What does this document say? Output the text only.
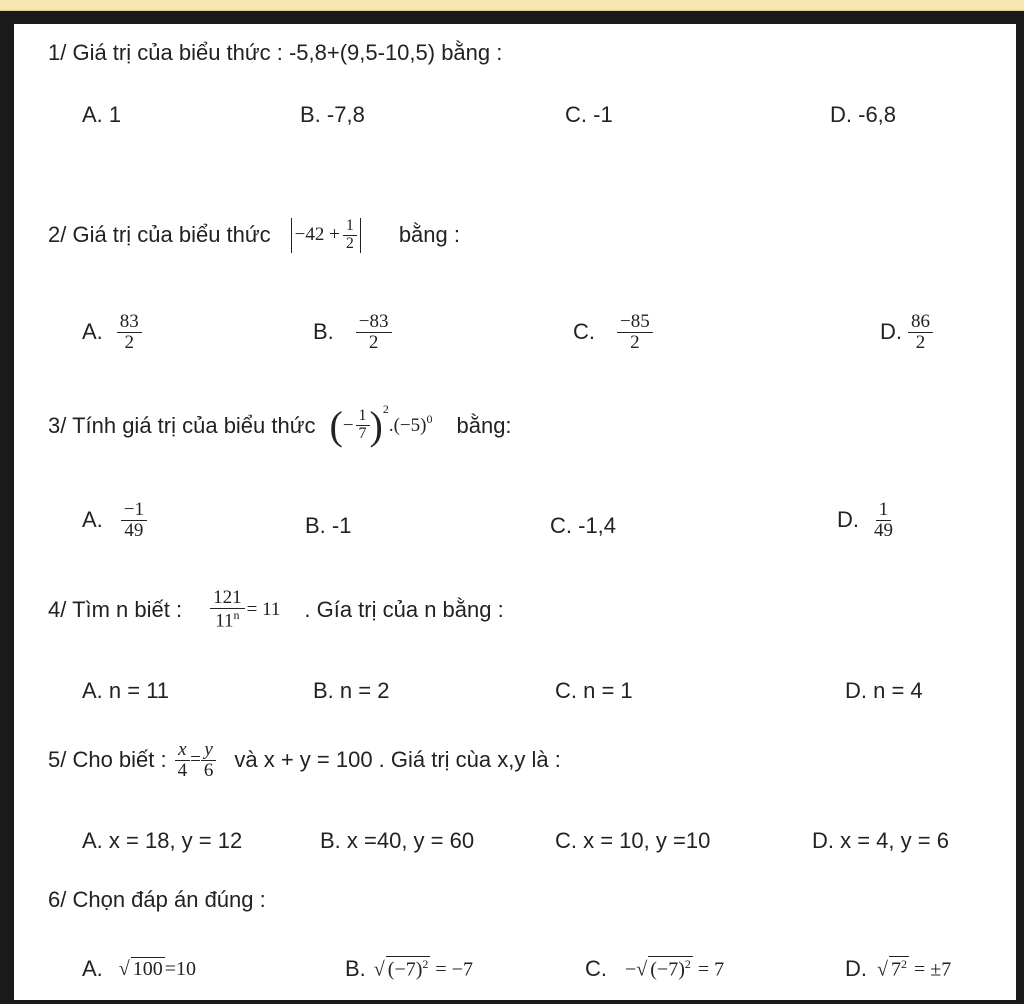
1/ Giá trị của biểu thức : -5,8+(9,5-10,5) bằng :
A. 1	B. -7,8	C. -1	D. -6,8
2/ Giá trị của biểu thức $-42 + \frac{1}{2}$ bằng :
A. $\frac{83}{2}$	B. $\frac{-83}{2}$	C. $\frac{-85}{2}$	D. $\frac{86}{2}$
3/ Tính giá trị của biểu thức ( − $\frac{1}{7} )^2$
$.(-5)^0$ bằng:
A. $\frac{-1}{49}$	B. -1	C. -1,4	D. $\frac{1}{49}$
4/ Tìm n biết : $\frac{121}{11^n} = 11$ . Gía trị của n bằng :
A. n = 11	B. n = 2	C. n = 1	D. n = 4
5/ Cho biết : $\frac{x}{4} = \frac{y}{6}$ và x + y = 100 . Giá trị cùa x,y là :
A. x = 18, y = 12	B. x =40, y = 60	C. x = 10, y =10	D. x = 4, y = 6
6/ Chọn đáp án đúng :
A. √ 100 =10	B. √ $(-7)^2 = -7$	C. −√ $(-7)^2 = 7$	D. √ $7^2 = \pm 7$
